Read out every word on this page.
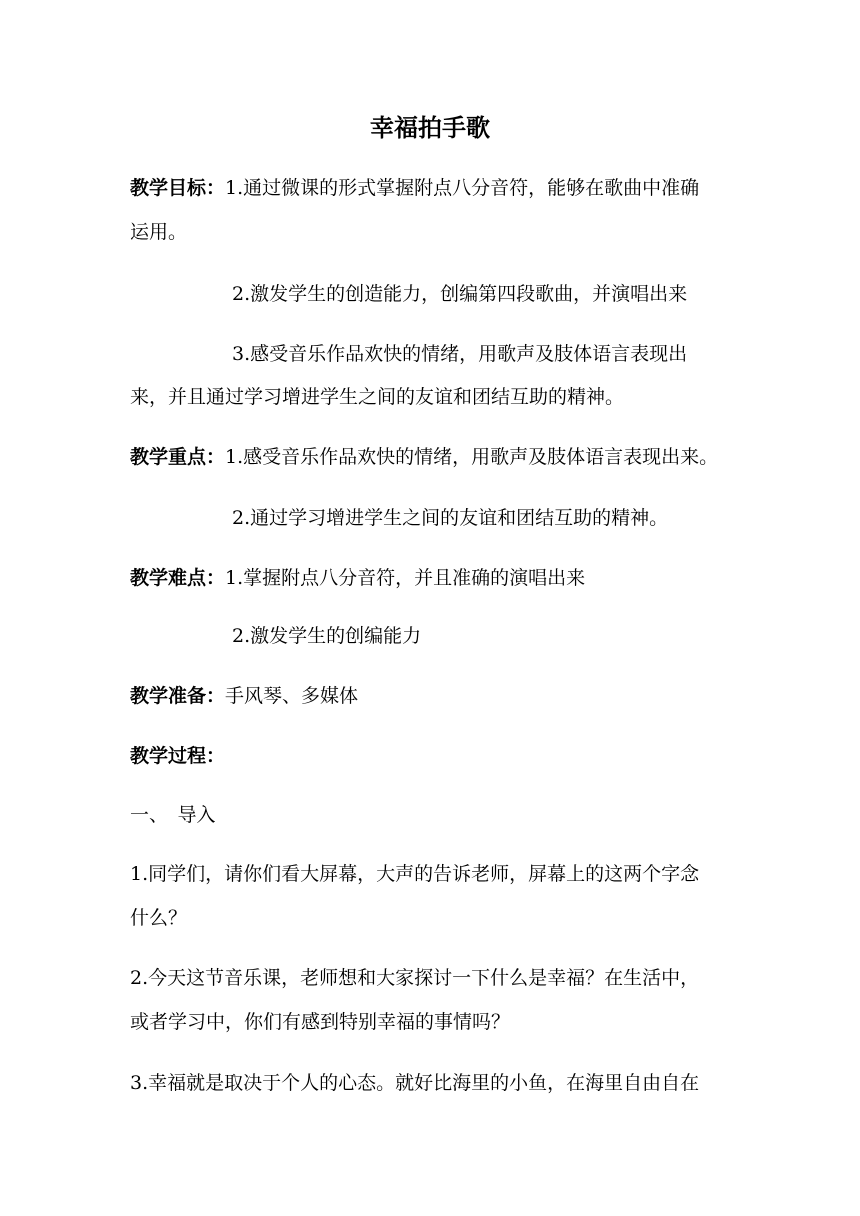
幸福拍手歌
教学目标：1.通过微课的形式掌握附点八分音符，能够在歌曲中准确
运用。
2.激发学生的创造能力，创编第四段歌曲，并演唱出来
3.感受音乐作品欢快的情绪，用歌声及肢体语言表现出
来，并且通过学习增进学生之间的友谊和团结互助的精神。
教学重点：1.感受音乐作品欢快的情绪，用歌声及肢体语言表现出来。
2.通过学习增进学生之间的友谊和团结互助的精神。
教学难点：1.掌握附点八分音符，并且准确的演唱出来
2.激发学生的创编能力
教学准备：手风琴、多媒体
教学过程：
一、　导入
1.同学们，请你们看大屏幕，大声的告诉老师，屏幕上的这两个字念
什么？
2.今天这节音乐课，老师想和大家探讨一下什么是幸福？在生活中，
或者学习中，你们有感到特别幸福的事情吗？
3.幸福就是取决于个人的心态。就好比海里的小鱼，在海里自由自在
